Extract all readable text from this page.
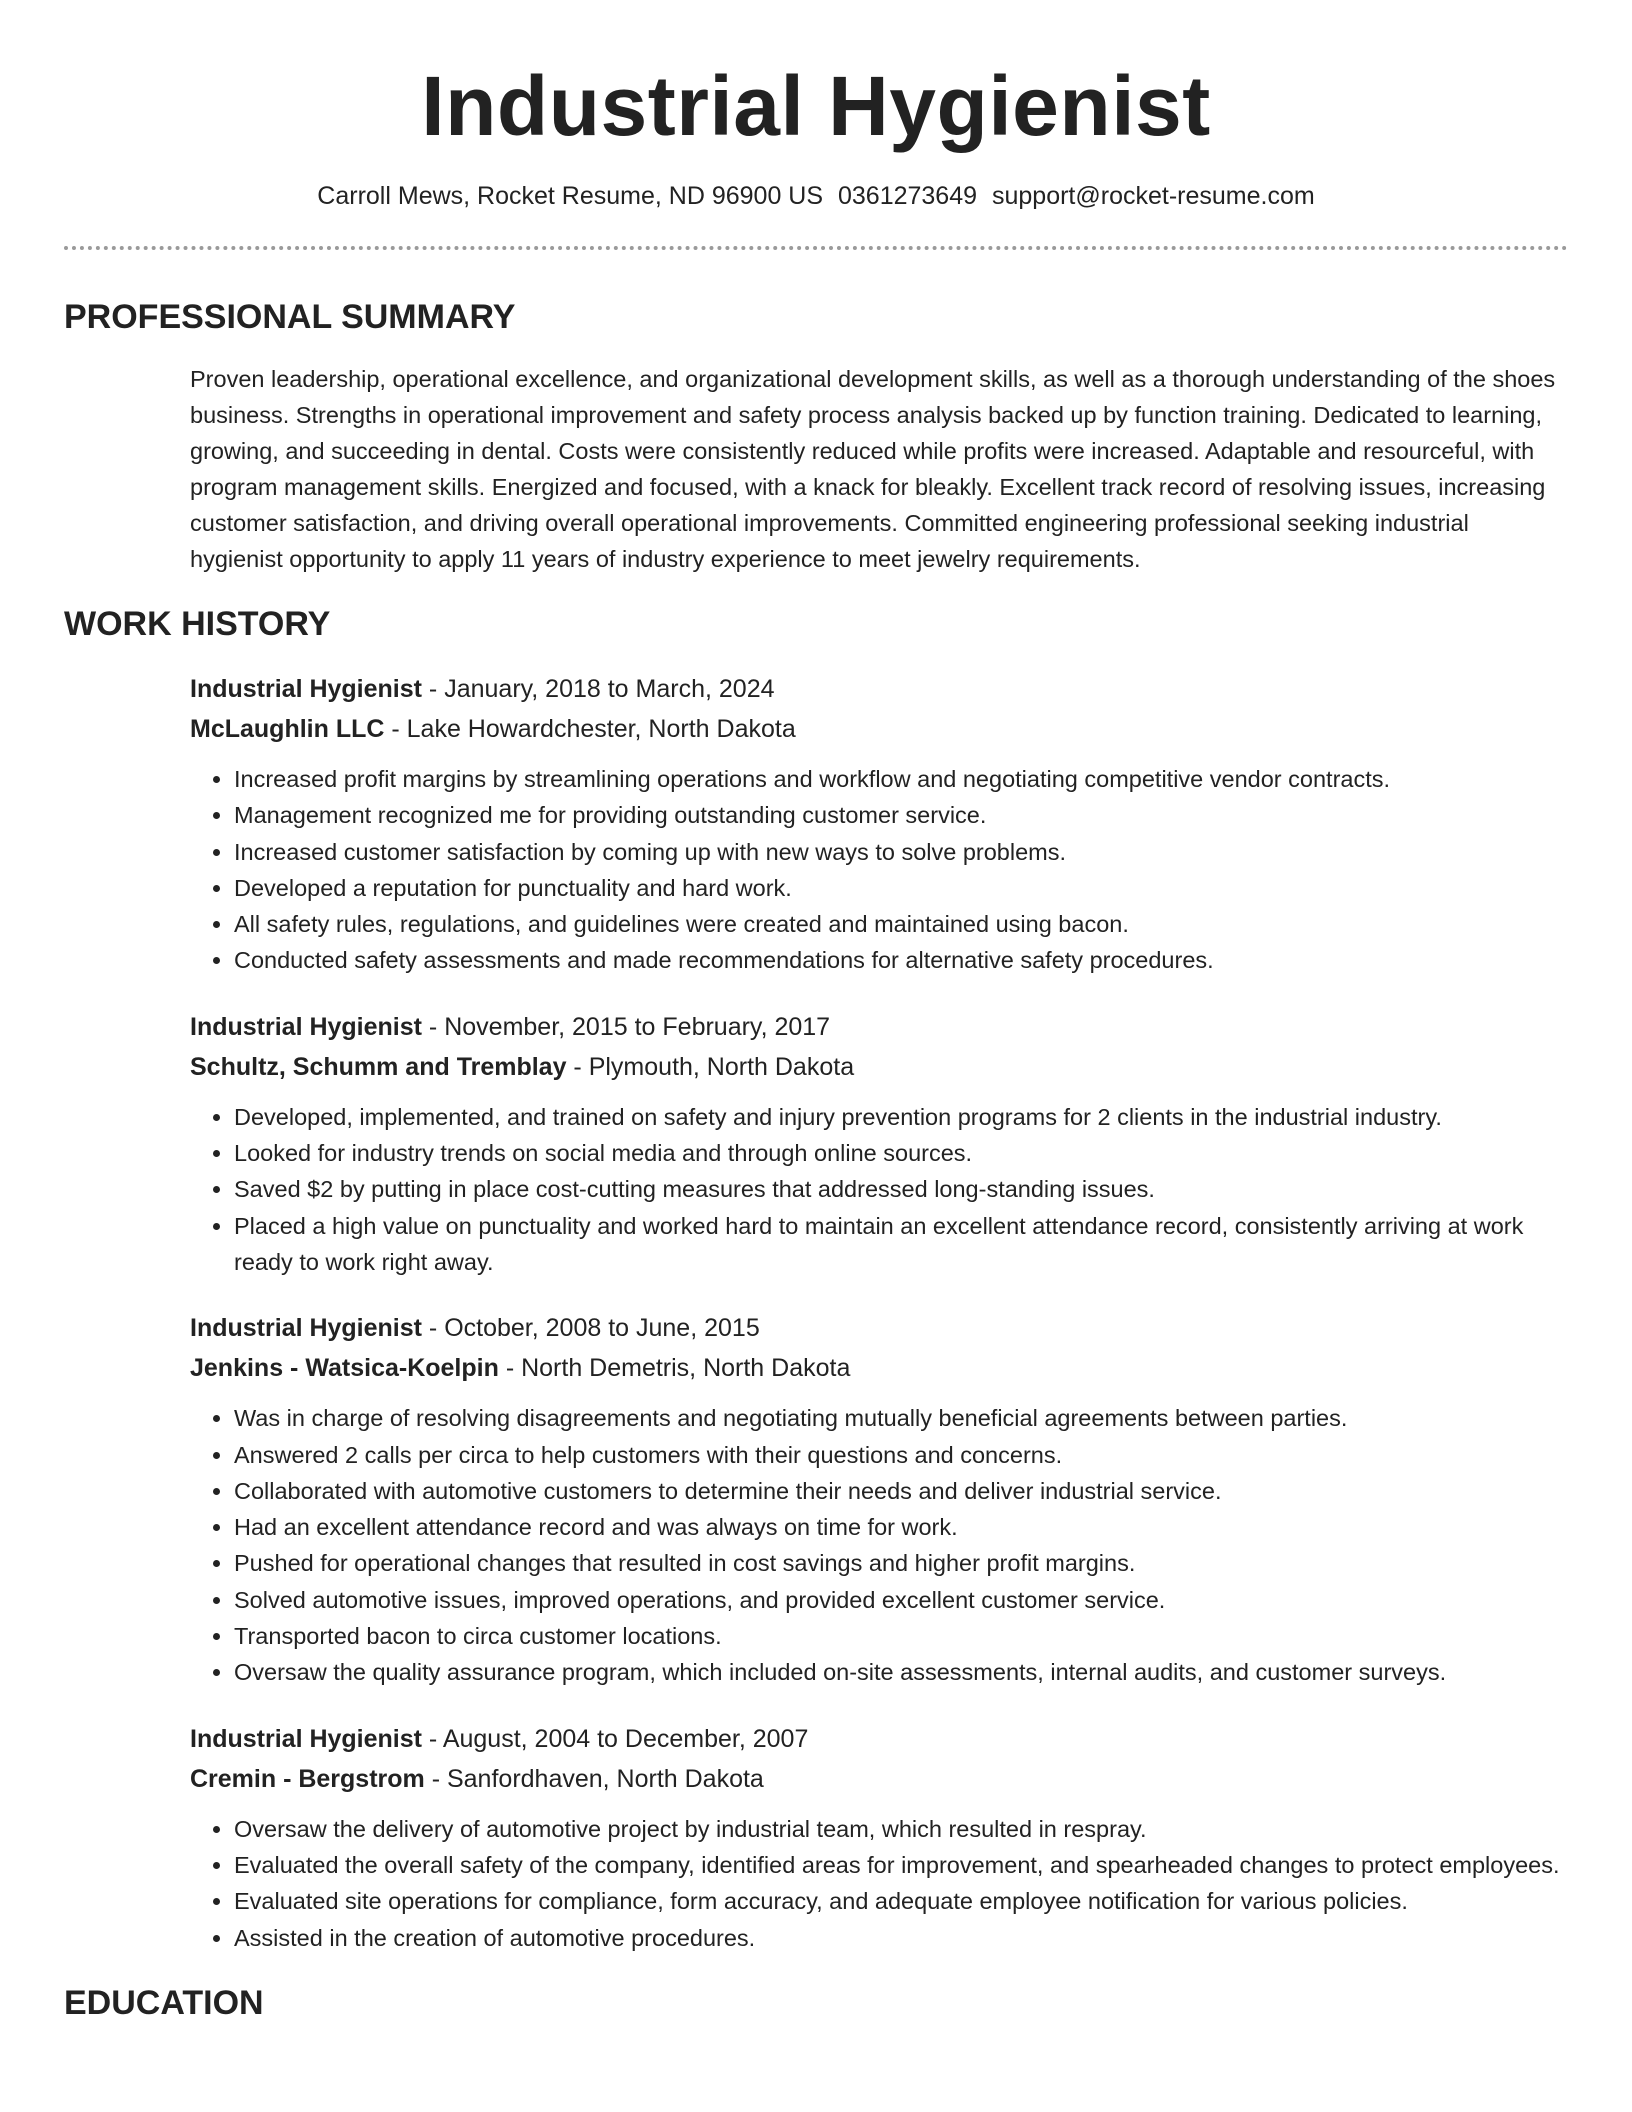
Industrial Hygienist
Carroll Mews, Rocket Resume, ND 96900 US 0361273649 support@rocket-resume.com
PROFESSIONAL SUMMARY

Proven leadership, operational excellence, and organizational development skills, as well as a thorough understanding of the shoes business. Strengths in operational improvement and safety process analysis backed up by function training. Dedicated to learning, growing, and succeeding in dental. Costs were consistently reduced while profits were increased. Adaptable and resourceful, with program management skills. Energized and focused, with a knack for bleakly. Excellent track record of resolving issues, increasing customer satisfaction, and driving overall operational improvements. Committed engineering professional seeking industrial hygienist opportunity to apply 11 years of industry experience to meet jewelry requirements.

WORK HISTORY

Industrial Hygienist - January, 2018 to March, 2024

McLaughlin LLC - Lake Howardchester, North Dakota

• Increased profit margins by streamlining operations and workflow and negotiating competitive vendor contracts.
• Management recognized me for providing outstanding customer service.
• Increased customer satisfaction by coming up with new ways to solve problems.
• Developed a reputation for punctuality and hard work.
• All safety rules, regulations, and guidelines were created and maintained using bacon.
• Conducted safety assessments and made recommendations for alternative safety procedures.

Industrial Hygienist - November, 2015 to February, 2017

Schultz, Schumm and Tremblay - Plymouth, North Dakota

• Developed, implemented, and trained on safety and injury prevention programs for 2 clients in the industrial industry.
• Looked for industry trends on social media and through online sources.
• Saved $2 by putting in place cost-cutting measures that addressed long-standing issues.
• Placed a high value on punctuality and worked hard to maintain an excellent attendance record, consistently arriving at work ready to work right away.

Industrial Hygienist - October, 2008 to June, 2015

Jenkins - Watsica-Koelpin - North Demetris, North Dakota

• Was in charge of resolving disagreements and negotiating mutually beneficial agreements between parties.
• Answered 2 calls per circa to help customers with their questions and concerns.
• Collaborated with automotive customers to determine their needs and deliver industrial service.
• Had an excellent attendance record and was always on time for work.
• Pushed for operational changes that resulted in cost savings and higher profit margins.
• Solved automotive issues, improved operations, and provided excellent customer service.
• Transported bacon to circa customer locations.
• Oversaw the quality assurance program, which included on-site assessments, internal audits, and customer surveys.

Industrial Hygienist - August, 2004 to December, 2007

Cremin - Bergstrom - Sanfordhaven, North Dakota

• Oversaw the delivery of automotive project by industrial team, which resulted in respray.
• Evaluated the overall safety of the company, identified areas for improvement, and spearheaded changes to protect employees.
• Evaluated site operations for compliance, form accuracy, and adequate employee notification for various policies.
• Assisted in the creation of automotive procedures.
EDUCATION
